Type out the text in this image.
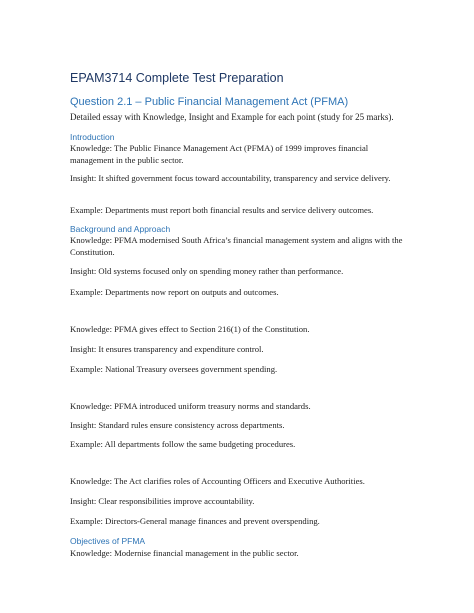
EPAM3714 Complete Test Preparation
Question 2.1 – Public Financial Management Act (PFMA)

Detailed essay with Knowledge, Insight and Example for each point (study for 25 marks).

Introduction

Knowledge: The Public Finance Management Act (PFMA) of 1999 improves financial management in the public sector.

Insight: It shifted government focus toward accountability, transparency and service delivery.

Example: Departments must report both financial results and service delivery outcomes.

Background and Approach

Knowledge: PFMA modernised South Africa’s financial management system and aligns with the Constitution.

Insight: Old systems focused only on spending money rather than performance.

Example: Departments now report on outputs and outcomes.

Knowledge: PFMA gives effect to Section 216(1) of the Constitution.

Insight: It ensures transparency and expenditure control.

Example: National Treasury oversees government spending.

Knowledge: PFMA introduced uniform treasury norms and standards.

Insight: Standard rules ensure consistency across departments.

Example: All departments follow the same budgeting procedures.

Knowledge: The Act clarifies roles of Accounting Officers and Executive Authorities.

Insight: Clear responsibilities improve accountability.

Example: Directors-General manage finances and prevent overspending.

Objectives of PFMA

Knowledge: Modernise financial management in the public sector.
